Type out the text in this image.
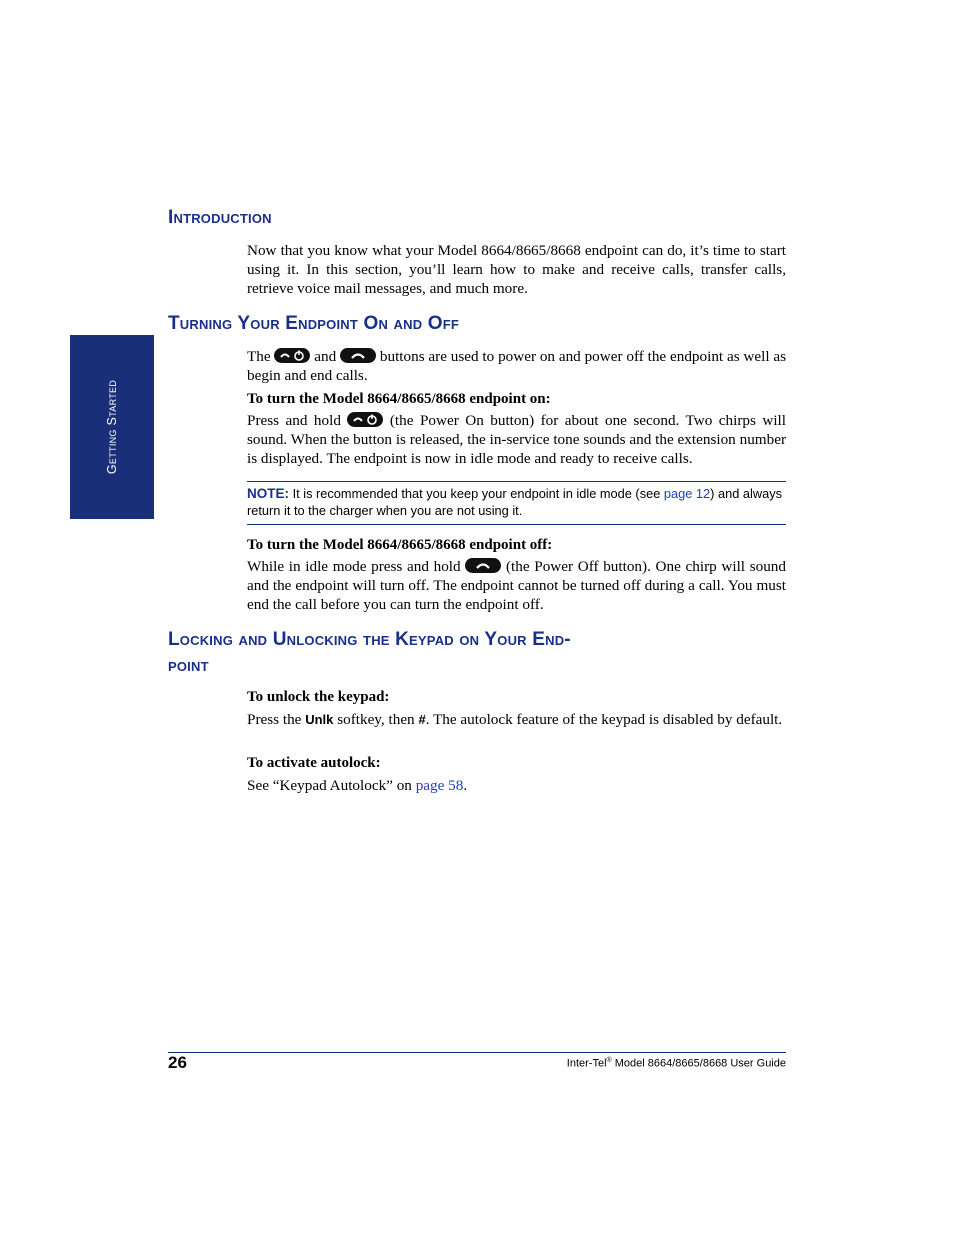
Getting Started
Introduction
Now that you know what your Model 8664/8665/8668 endpoint can do, it’s time to start using it. In this section, you’ll learn how to make and receive calls, transfer calls, retrieve voice mail messages, and much more.
Turning Your Endpoint On and Off
The	and	buttons are used to power on and power off the endpoint as well as begin and end calls.
To turn the Model 8664/8665/8668 endpoint on:
Press and hold	(the Power On button) for about one second. Two chirps will sound. When the button is released, the in-service tone sounds and the extension number is displayed. The endpoint is now in idle mode and ready to receive calls.
NOTE: It is recommended that you keep your endpoint in idle mode (see page 12) and always return it to the charger when you are not using it.
To turn the Model 8664/8665/8668 endpoint off:
While in idle mode press and hold	(the Power Off button). One chirp will sound and the endpoint will turn off. The endpoint cannot be turned off during a call. You must end the call before you can turn the endpoint off.
Locking and Unlocking the Keypad on Your End-
point
To unlock the keypad:
Press the Unlk softkey, then #. The autolock feature of the keypad is disabled by default.
To activate autolock:
See “Keypad Autolock” on page 58.
26	Inter-Tel® Model 8664/8665/8668 User Guide
